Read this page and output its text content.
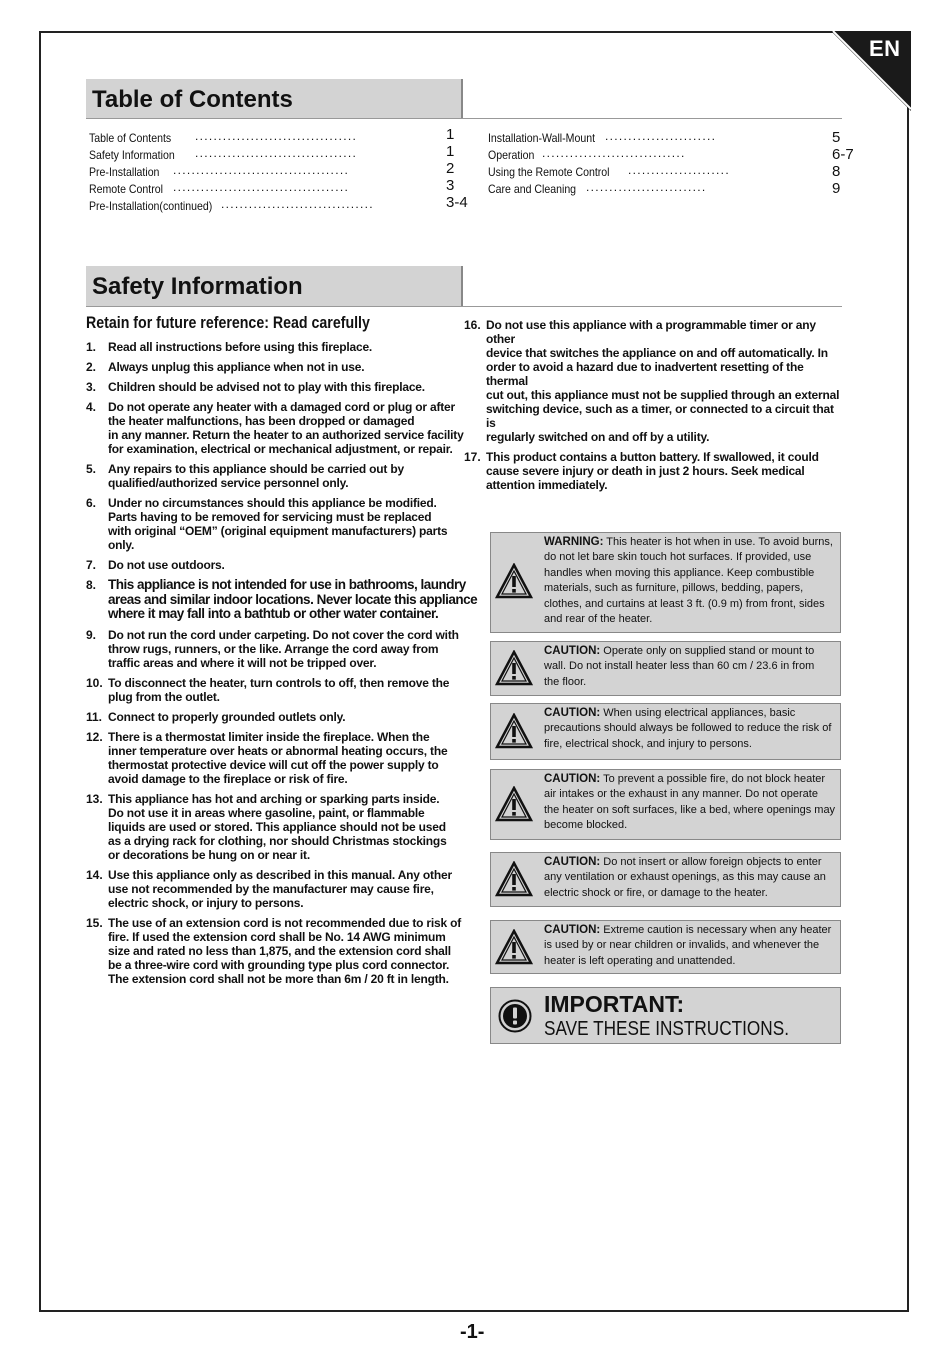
EN
Table of Contents
Table of Contents ...................................	1
Safety Information ...................................	1
Pre-Installation ......................................	2
Remote Control ......................................	3
Pre-Installation(continued) .................................	3-4
Installation-Wall-Mount ........................	5
Operation ...............................	6-7
Using the Remote Control ......................	8
Care and Cleaning ..........................	9
Safety Information
Retain for future reference: Read carefully
1. Read all instructions before using this fireplace.
2. Always unplug this appliance when not in use.
3. Children should be advised not to play with this fireplace.
4. Do not operate any heater with a damaged cord or plug or after
the heater malfunctions, has been dropped or damaged
in any manner. Return the heater to an authorized service facility
for examination, electrical or mechanical adjustment, or repair.
5. Any repairs to this appliance should be carried out by
qualified/authorized service personnel only.
6. Under no circumstances should this appliance be modified.
Parts having to be removed for servicing must be replaced
with original “OEM” (original equipment manufacturers) parts
only.
7. Do not use outdoors.
8. This appliance is not intended for use in bathrooms, laundry
areas and similar indoor locations. Never locate this appliance
where it may fall into a bathtub or other water container.
9. Do not run the cord under carpeting. Do not cover the cord with
throw rugs, runners, or the like. Arrange the cord away from
traffic areas and where it will not be tripped over.
10. To disconnect the heater, turn controls to off, then remove the
plug from the outlet.
11. Connect to properly grounded outlets only.
12. There is a thermostat limiter inside the fireplace. When the
inner temperature over heats or abnormal heating occurs, the
thermostat protective device will cut off the power supply to
avoid damage to the fireplace or risk of fire.
13. This appliance has hot and arching or sparking parts inside.
Do not use it in areas where gasoline, paint, or flammable
liquids are used or stored. This appliance should not be used
as a drying rack for clothing, nor should Christmas stockings
or decorations be hung on or near it.
14. Use this appliance only as described in this manual. Any other
use not recommended by the manufacturer may cause fire,
electric shock, or injury to persons.
15. The use of an extension cord is not recommended due to risk of
fire. If used the extension cord shall be No. 14 AWG minimum
size and rated no less than 1,875, and the extension cord shall
be a three-wire cord with grounding type plus cord connector.
The extension cord shall not be more than 6m / 20 ft in length.
16. Do not use this appliance with a programmable timer or any other
device that switches the appliance on and off automatically. In
order to avoid a hazard due to inadvertent resetting of the thermal
cut out, this appliance must not be supplied through an external
switching device, such as a timer, or connected to a circuit that is
regularly switched on and off by a utility.
17. This product contains a button battery. If swallowed, it could
cause severe injury or death in just 2 hours. Seek medical
attention immediately.
WARNING: This heater is hot when in use. To avoid burns,
do not let bare skin touch hot surfaces. If provided, use
handles when moving this appliance. Keep combustible
materials, such as furniture, pillows, bedding, papers,
clothes, and curtains at least 3 ft. (0.9 m) from front, sides
and rear of the heater.
CAUTION: Operate only on supplied stand or mount to
wall. Do not install heater less than 60 cm / 23.6 in from
the floor.
CAUTION: When using electrical appliances, basic
precautions should always be followed to reduce the risk of
fire, electrical shock, and injury to persons.
CAUTION: To prevent a possible fire, do not block heater
air intakes or the exhaust in any manner. Do not operate
the heater on soft surfaces, like a bed, where openings may
become blocked.
CAUTION: Do not insert or allow foreign objects to enter
any ventilation or exhaust openings, as this may cause an
electric shock or fire, or damage to the heater.
CAUTION: Extreme caution is necessary when any heater
is used by or near children or invalids, and whenever the
heater is left operating and unattended.
IMPORTANT:
SAVE THESE INSTRUCTIONS.
-1-
